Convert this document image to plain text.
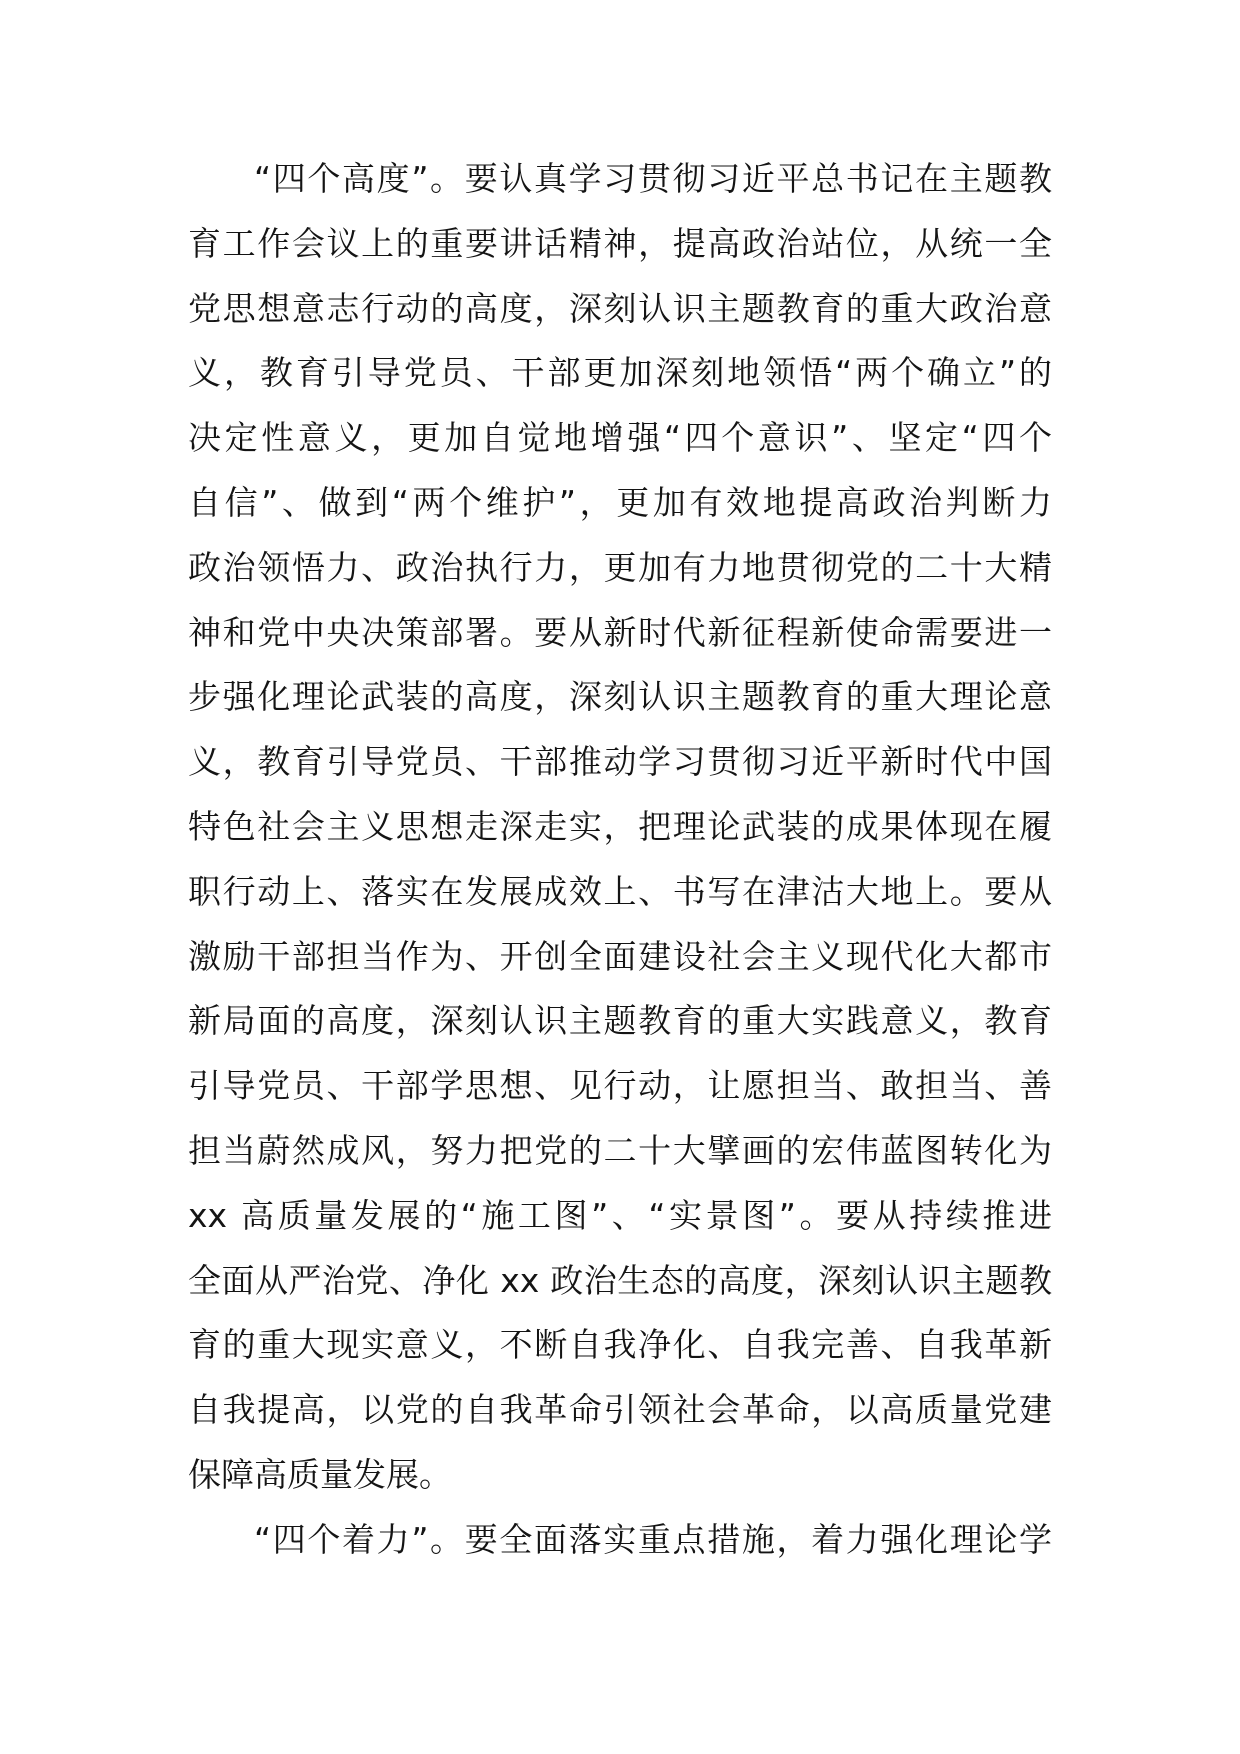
“四个高度”。要认真学习贯彻习近平总书记在主题教
育工作会议上的重要讲话精神，提高政治站位，从统一全
党思想意志行动的高度，深刻认识主题教育的重大政治意
义，教育引导党员、干部更加深刻地领悟“两个确立”的
决定性意义，更加自觉地增强“四个意识”、坚定“四个
自信”、做到“两个维护”，更加有效地提高政治判断力
政治领悟力、政治执行力，更加有力地贯彻党的二十大精
神和党中央决策部署。要从新时代新征程新使命需要进一
步强化理论武装的高度，深刻认识主题教育的重大理论意
义，教育引导党员、干部推动学习贯彻习近平新时代中国
特色社会主义思想走深走实，把理论武装的成果体现在履
职行动上、落实在发展成效上、书写在津沽大地上。要从
激励干部担当作为、开创全面建设社会主义现代化大都市
新局面的高度，深刻认识主题教育的重大实践意义，教育
引导党员、干部学思想、见行动，让愿担当、敢担当、善
担当蔚然成风，努力把党的二十大擘画的宏伟蓝图转化为
xx 高质量发展的“施工图”、“实景图”。要从持续推进
全面从严治党、净化 xx 政治生态的高度，深刻认识主题教
育的重大现实意义，不断自我净化、自我完善、自我革新
自我提高，以党的自我革命引领社会革命，以高质量党建
保障高质量发展。
“四个着力”。要全面落实重点措施，着力强化理论学
